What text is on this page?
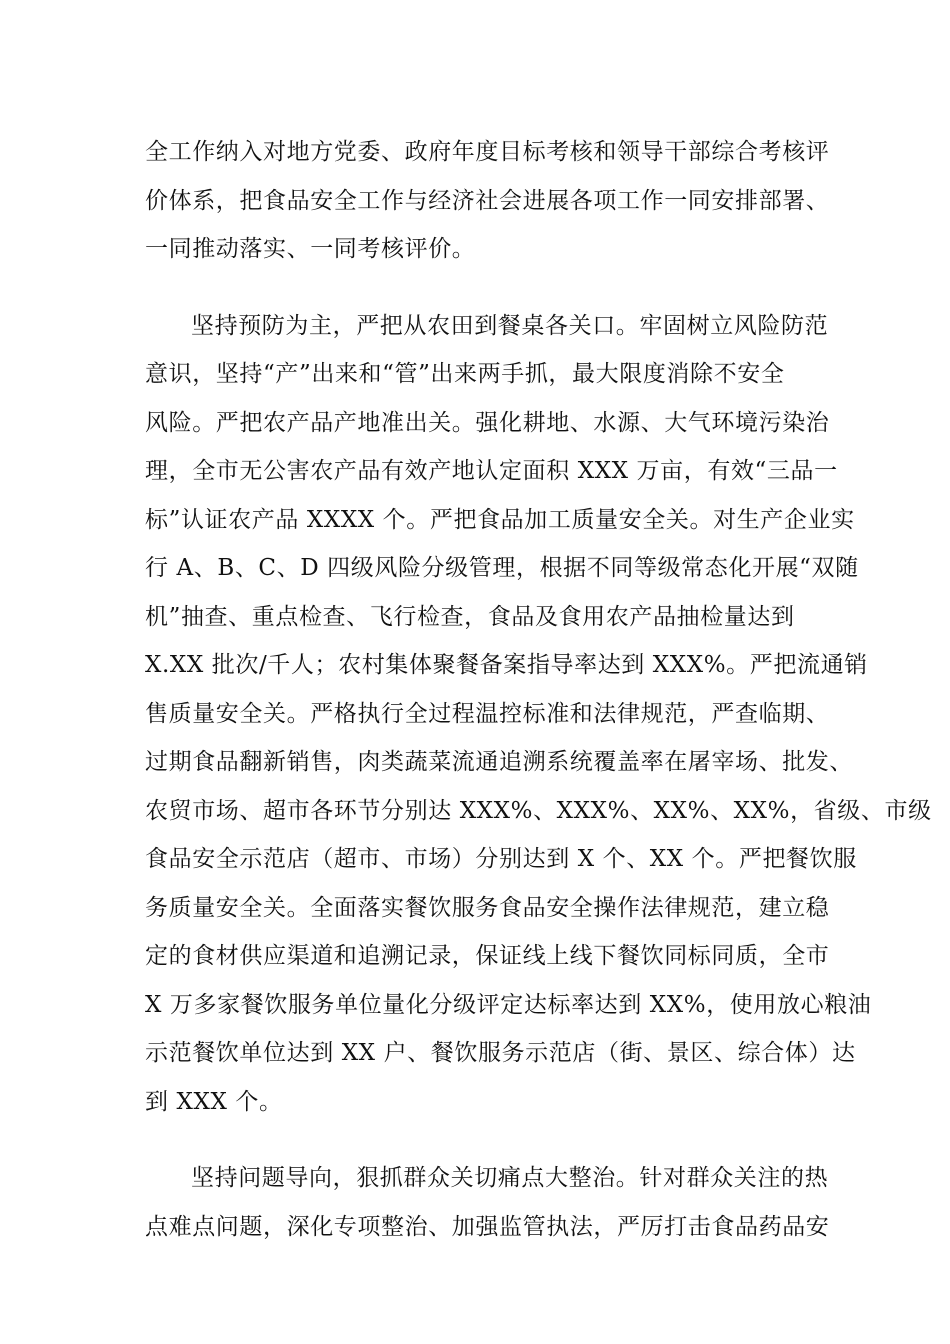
全工作纳入对地方党委、政府年度目标考核和领导干部综合考核评
价体系，把食品安全工作与经济社会进展各项工作一同安排部署、
一同推动落实、一同考核评价。
坚持预防为主，严把从农田到餐桌各关口。牢固树立风险防范
意识，坚持“产”出来和“管”出来两手抓，最大限度消除不安全
风险。严把农产品产地准出关。强化耕地、水源、大气环境污染治
理，全市无公害农产品有效产地认定面积 XXX 万亩，有效“三品一
标”认证农产品 XXXX 个。严把食品加工质量安全关。对生产企业实
行 A、B、C、D 四级风险分级管理，根据不同等级常态化开展“双随
机”抽查、重点检查、飞行检查，食品及食用农产品抽检量达到
X.XX 批次/千人；农村集体聚餐备案指导率达到 XXX%。严把流通销
售质量安全关。严格执行全过程温控标准和法律规范，严查临期、
过期食品翻新销售，肉类蔬菜流通追溯系统覆盖率在屠宰场、批发、
农贸市场、超市各环节分别达 XXX%、XXX%、XX%、XX%，省级、市级
食品安全示范店（超市、市场）分别达到 X 个、XX 个。严把餐饮服
务质量安全关。全面落实餐饮服务食品安全操作法律规范，建立稳
定的食材供应渠道和追溯记录，保证线上线下餐饮同标同质，全市
X 万多家餐饮服务单位量化分级评定达标率达到 XX%，使用放心粮油
示范餐饮单位达到 XX 户、餐饮服务示范店（街、景区、综合体）达
到 XXX 个。
坚持问题导向，狠抓群众关切痛点大整治。针对群众关注的热
点难点问题，深化专项整治、加强监管执法，严厉打击食品药品安
